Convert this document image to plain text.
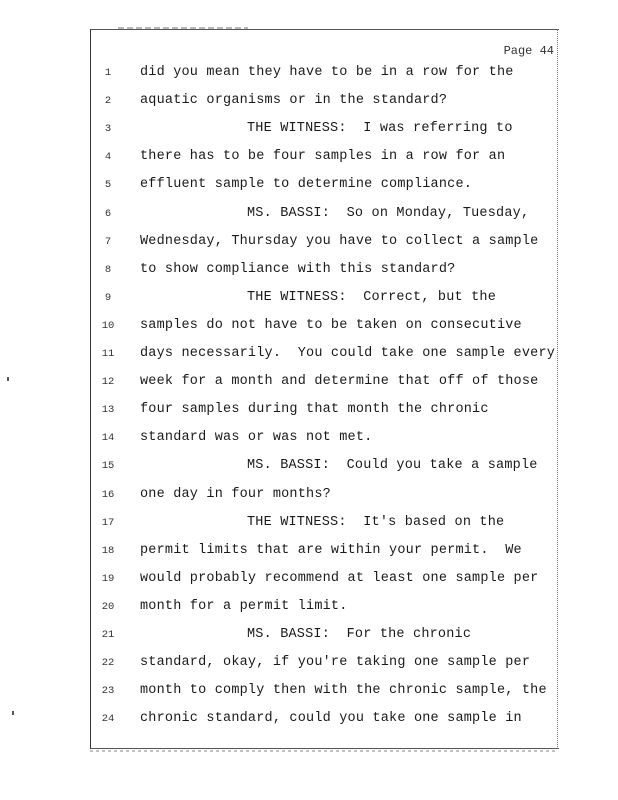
Page 44
1	did you mean they have to be in a row for the
2	aquatic organisms or in the standard?
3	THE WITNESS:  I was referring to
4	there has to be four samples in a row for an
5	effluent sample to determine compliance.
6	MS. BASSI:  So on Monday, Tuesday,
7	Wednesday, Thursday you have to collect a sample
8	to show compliance with this standard?
9	THE WITNESS:  Correct, but the
10	samples do not have to be taken on consecutive
11	days necessarily.  You could take one sample every
12	week for a month and determine that off of those
13	four samples during that month the chronic
14	standard was or was not met.
15	MS. BASSI:  Could you take a sample
16	one day in four months?
17	THE WITNESS:  It's based on the
18	permit limits that are within your permit.  We
19	would probably recommend at least one sample per
20	month for a permit limit.
21	MS. BASSI:  For the chronic
22	standard, okay, if you're taking one sample per
23	month to comply then with the chronic sample, the
24	chronic standard, could you take one sample in
